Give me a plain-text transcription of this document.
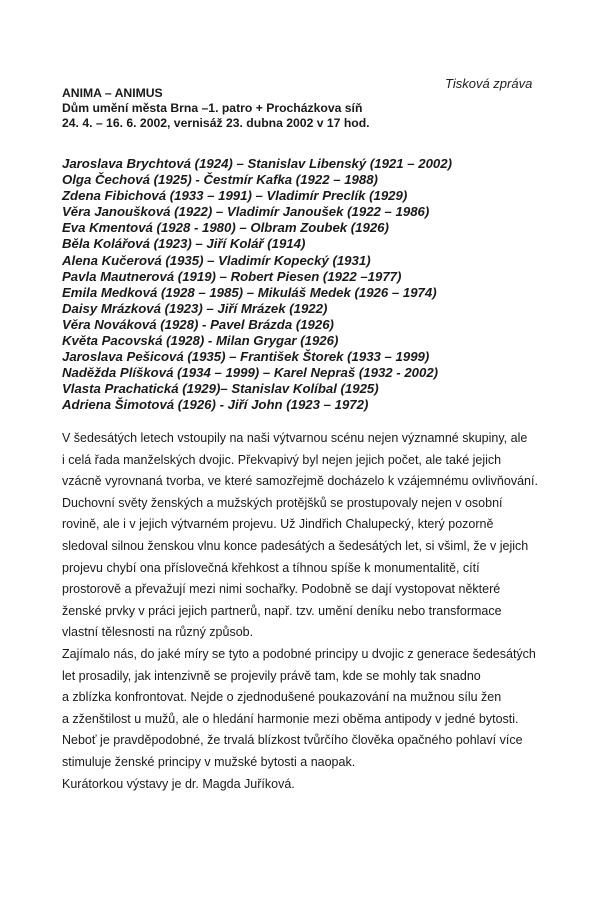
Tisková zpráva
ANIMA – ANIMUS
Dům umění města Brna –1. patro + Procházkova síň
24. 4. – 16. 6. 2002, vernisáž 23. dubna 2002 v 17 hod.
Jaroslava Brychtová (1924) – Stanislav Libenský (1921 – 2002)
Olga Čechová (1925) - Čestmír Kafka (1922 – 1988)
Zdena Fibichová (1933 – 1991) – Vladimír Preclík (1929)
Věra Janoušková (1922) – Vladimír Janoušek (1922 – 1986)
Eva Kmentová (1928 - 1980) – Olbram Zoubek (1926)
Běla Kolářová (1923) – Jiří Kolář (1914)
Alena Kučerová (1935) – Vladimír Kopecký (1931)
Pavla Mautnerová (1919) – Robert Piesen (1922 –1977)
Emila Medková (1928 – 1985) – Mikuláš Medek (1926 – 1974)
Daisy Mrázková (1923) – Jiří Mrázek (1922)
Věra Nováková (1928) - Pavel Brázda (1926)
Květa Pacovská (1928) - Milan Grygar (1926)
Jaroslava Pešicová (1935) – František Štorek (1933 – 1999)
Naděžda Plíšková (1934 – 1999) – Karel Nepraš (1932 - 2002)
Vlasta Prachatická (1929)– Stanislav Kolíbal (1925)
Adriena Šimotová (1926) - Jiří John (1923 – 1972)
V šedesátých letech vstoupily na naši výtvarnou scénu nejen významné skupiny, ale
i celá řada manželských dvojic. Překvapivý byl nejen jejich počet, ale také jejich
vzácně vyrovnaná tvorba, ve které samozřejmě docházelo k vzájemnému ovlivňování.
Duchovní světy ženských a mužských protějšků se prostupovaly nejen v osobní
rovině, ale i v jejich výtvarném projevu. Už Jindřich Chalupecký, který pozorně
sledoval silnou ženskou vlnu konce padesátých a šedesátých let, si všiml, že v jejich
projevu chybí ona příslovečná křehkost a tíhnou spíše k monumentalitě, cítí
prostorově a převažují mezi nimi sochařky. Podobně se dají vystopovat některé
ženské prvky v práci jejich partnerů, např. tzv. umění deníku nebo transformace
vlastní tělesnosti na různý způsob.
Zajímalo nás, do jaké míry se tyto a podobné principy u dvojic z generace šedesátých
let prosadily, jak intenzivně se projevily právě tam, kde se mohly tak snadno
a zblízka konfrontovat. Nejde o zjednodušené poukazování na mužnou sílu žen
a zženštilost u mužů, ale o hledání harmonie mezi oběma antipody v jedné bytosti.
Neboť je pravděpodobné, že trvalá blízkost tvůrčího člověka opačného pohlaví více
stimuluje ženské principy v mužské bytosti a naopak.
Kurátorkou výstavy je dr. Magda Juříková.
